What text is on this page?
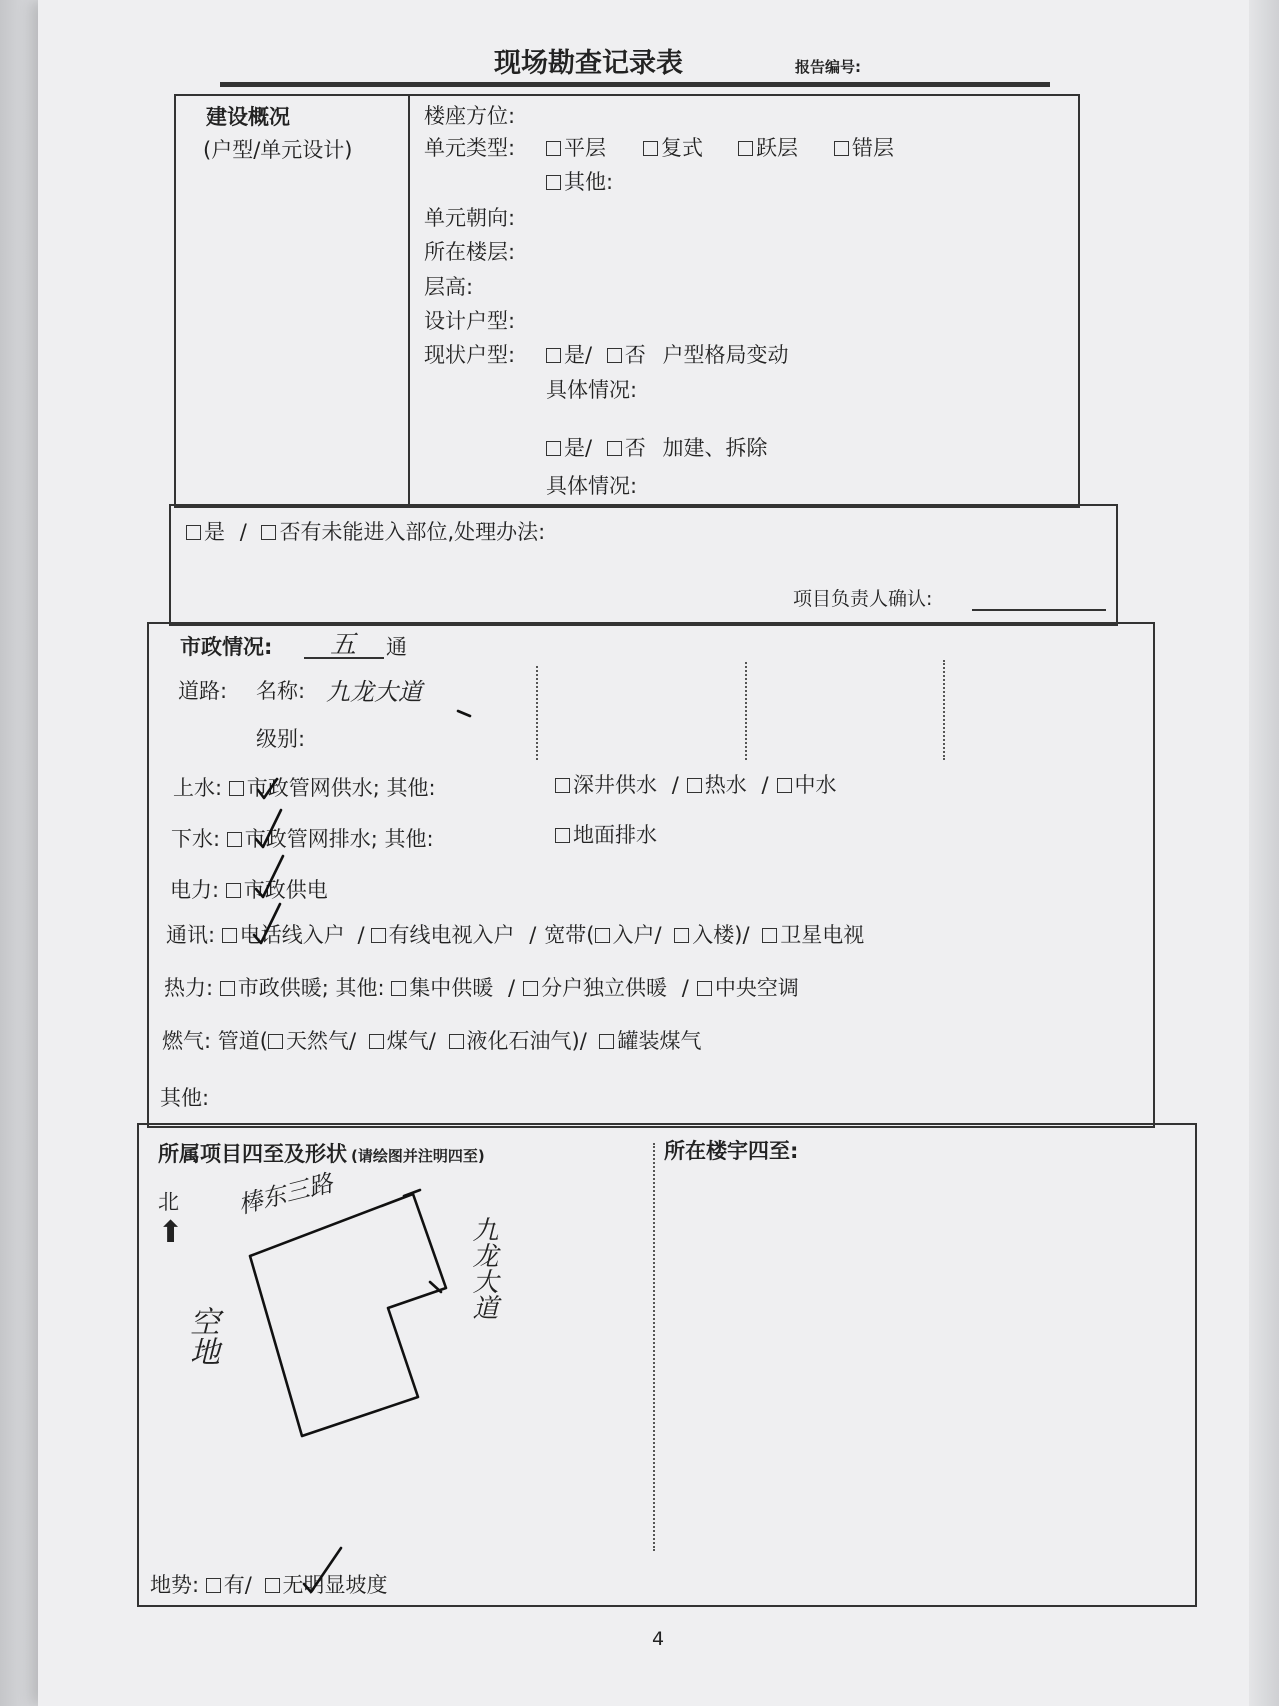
现场勘查记录表	报告编号:
建设概况
(户型/单元设计)
楼座方位:
单元类型:	平层	复式	跃层	错层
其他:
单元朝向:
所在楼层:
层高:
设计户型:
现状户型:	是/ 否 户型格局变动
具体情况:
是/ 否 加建、拆除
具体情况:
是 / 否有未能进入部位,处理办法:
项目负责人确认:
市政情况: 五 通
道路: 名称: 九龙大道
级别:
上水: 市政管网供水; 其他:	深井供水 / 热水 / 中水
下水: 市政管网排水; 其他:	地面排水
电力: 市政供电
通讯: 电话线入户 / 有线电视入户 / 宽带( 入户/ 入楼)/ 卫星电视
热力: 市政供暖; 其他: 集中供暖 / 分户独立供暖 / 中央空调
燃气: 管道( 天然气/ 煤气/ 液化石油气)/ 罐装煤气
其他:
所属项目四至及形状 (请绘图并注明四至)	所在楼宇四至:
北
⬆
棒东三路
九龙大道
空地
地势: 有/ 无明显坡度
4
